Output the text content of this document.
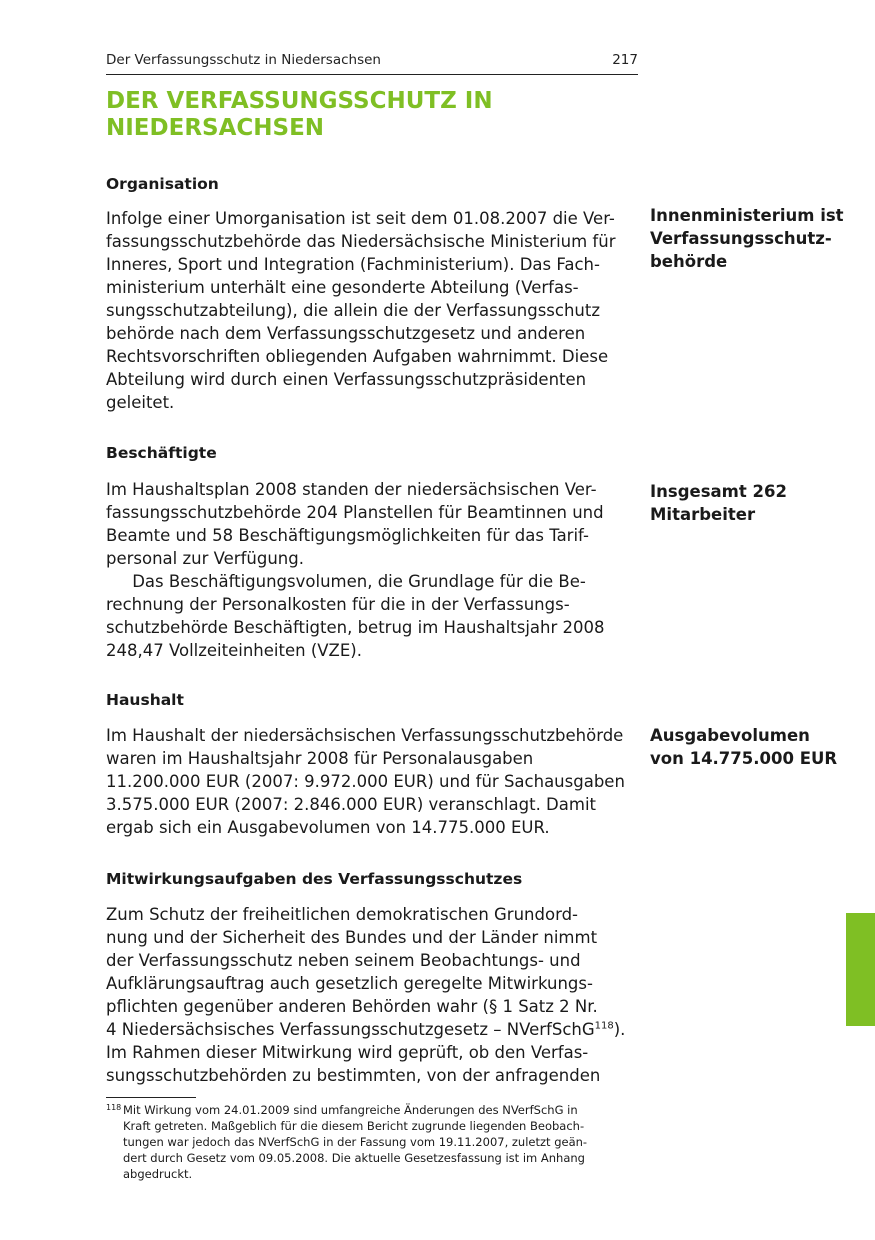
Der Verfassungsschutz in Niedersachsen	217
DER VERFASSUNGSSCHUTZ IN NIEDERSACHSEN
Organisation

Infolge einer Umorganisation ist seit dem 01.08.2007 die Ver-
fassungsschutzbehörde das Niedersächsische Ministerium für
Inneres, Sport und Integration (Fachministerium). Das Fach-
ministerium unterhält eine gesonderte Abteilung (Verfas-
sungsschutzabteilung), die allein die der Verfassungsschutz
behörde nach dem Verfassungsschutzgesetz und anderen
Rechtsvorschriften obliegenden Aufgaben wahrnimmt. Diese
Abteilung wird durch einen Verfassungsschutzpräsidenten
geleitet.

Innenministerium ist
Verfassungsschutz-
behörde

Beschäftigte

Im Haushaltsplan 2008 standen der niedersächsischen Ver-
fassungsschutzbehörde 204 Planstellen für Beamtinnen und
Beamte und 58 Beschäftigungsmöglichkeiten für das Tarif-
personal zur Verfügung.
Das Beschäftigungsvolumen, die Grundlage für die Be-
rechnung der Personalkosten für die in der Verfassungs-
schutzbehörde Beschäftigten, betrug im Haushaltsjahr 2008
248,47 Vollzeiteinheiten (VZE).

Insgesamt 262
Mitarbeiter

Haushalt

Im Haushalt der niedersächsischen Verfassungsschutzbehörde
waren im Haushaltsjahr 2008 für Personalausgaben
11.200.000 EUR (2007: 9.972.000 EUR) und für Sachausgaben
3.575.000 EUR (2007: 2.846.000 EUR) veranschlagt. Damit
ergab sich ein Ausgabevolumen von 14.775.000 EUR.

Ausgabevolumen
von 14.775.000 EUR

Mitwirkungsaufgaben des Verfassungsschutzes

Zum Schutz der freiheitlichen demokratischen Grundord-
nung und der Sicherheit des Bundes und der Länder nimmt
der Verfassungsschutz neben seinem Beobachtungs- und
Aufklärungsauftrag auch gesetzlich geregelte Mitwirkungs-
pflichten gegenüber anderen Behörden wahr (§ 1 Satz 2 Nr.
4 Niedersächsisches Verfassungsschutzgesetz – NVerfSchG$^{118}$).
Im Rahmen dieser Mitwirkung wird geprüft, ob den Verfas-
sungsschutzbehörden zu bestimmten, von der anfragenden

118 Mit Wirkung vom 24.01.2009 sind umfangreiche Änderungen des NVerfSchG in
Kraft getreten. Maßgeblich für die diesem Bericht zugrunde liegenden Beobach-
tungen war jedoch das NVerfSchG in der Fassung vom 19.11.2007, zuletzt geän-
dert durch Gesetz vom 09.05.2008. Die aktuelle Gesetzesfassung ist im Anhang
abgedruckt.
